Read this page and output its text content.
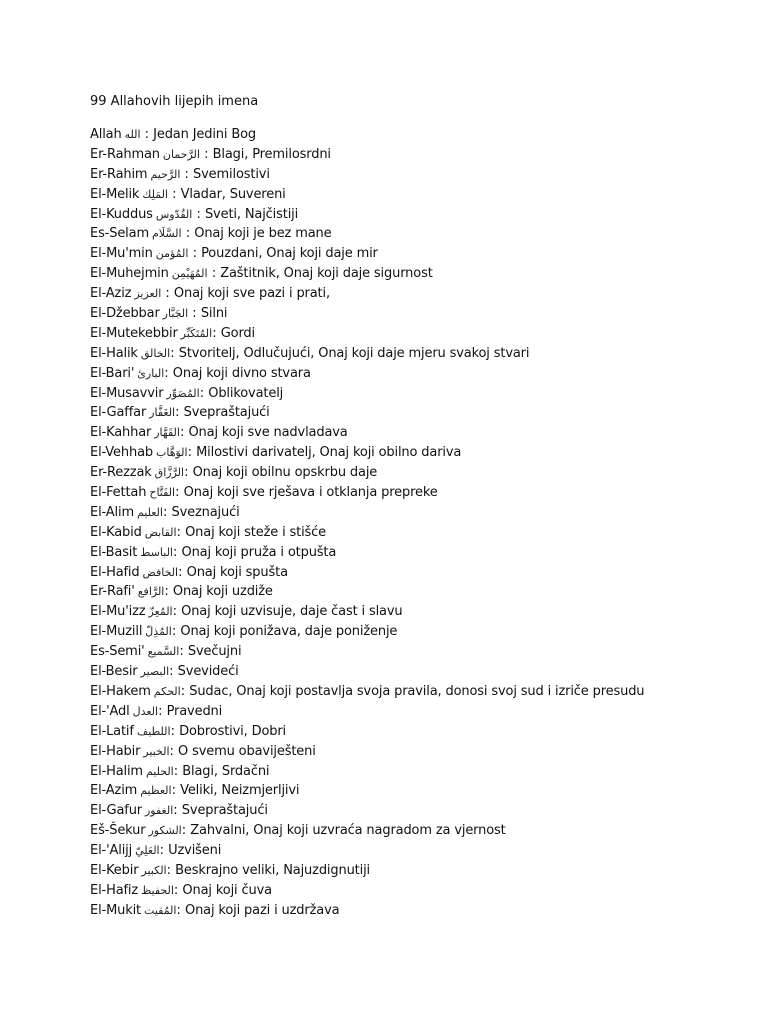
99 Allahovih lijepih imena
Allah الله : Jedan Jedini Bog
Er-Rahman الرَّحمان : Blagi, Premilosrdni
Er-Rahim الرَّحيم : Svemilostivi
El-Melik المَلِك : Vladar, Suvereni
El-Kuddus القُدّوس : Sveti, Najčistiji
Es-Selam السَّلَام : Onaj koji je bez mane
El-Mu'min المُؤمن : Pouzdani, Onaj koji daje mir
El-Muhejmin المُهَيْمِن : Zaštitnik, Onaj koji daje sigurnost
El-Aziz العزيز : Onaj koji sve pazi i prati,
El-Džebbar الجَبَّار : Silni
El-Mutekebbir المُتَكَبِّر: Gordi
El-Halik الخالق: Stvoritelj, Odlučujući, Onaj koji daje mjeru svakoj stvari
El-Bari' البارئ: Onaj koji divno stvara
El-Musavvir المُصَوِّر: Oblikovatelj
El-Gaffar الغَفَّار: Svepraštajući
El-Kahhar القَهَّار: Onaj koji sve nadvladava
El-Vehhab الوَهَّاب: Milostivi darivatelj, Onaj koji obilno dariva
Er-Rezzak الرَّزَّاق: Onaj koji obilnu opskrbu daje
El-Fettah الفَتَّاح: Onaj koji sve rješava i otklanja prepreke
El-Alim العليم: Sveznajući
El-Kabid القابض: Onaj koji steže i stišće
El-Basit الباسط: Onaj koji pruža i otpušta
El-Hafid الخافض: Onaj koji spušta
Er-Rafi' الرَّافع: Onaj koji uzdiže
El-Mu'izz المُعِزّ: Onaj koji uzvisuje, daje čast i slavu
El-Muzill المُذِلّ: Onaj koji ponižava, daje poniženje
Es-Semi' السَّميع: Svečujni
El-Besir البصير: Svevideći
El-Hakem الحكم: Sudac, Onaj koji postavlja svoja pravila, donosi svoj sud i izriče presudu
El-'Adl العدل: Pravedni
El-Latif اللطيف: Dobrostivi, Dobri
El-Habir الخبير: O svemu obaviješteni
El-Halim الحليم: Blagi, Srdačni
El-Azim العظيم: Veliki, Neizmjerljivi
El-Gafur الغفور: Svepraštajući
Eš-Šekur الشكور: Zahvalni, Onaj koji uzvraća nagradom za vjernost
El-'Alijj العَلِيّ: Uzvišeni
El-Kebir الكبير: Beskrajno veliki, Najuzdignutiji
El-Hafiz الحفيظ: Onaj koji čuva
El-Mukit المُقيت: Onaj koji pazi i uzdržava
